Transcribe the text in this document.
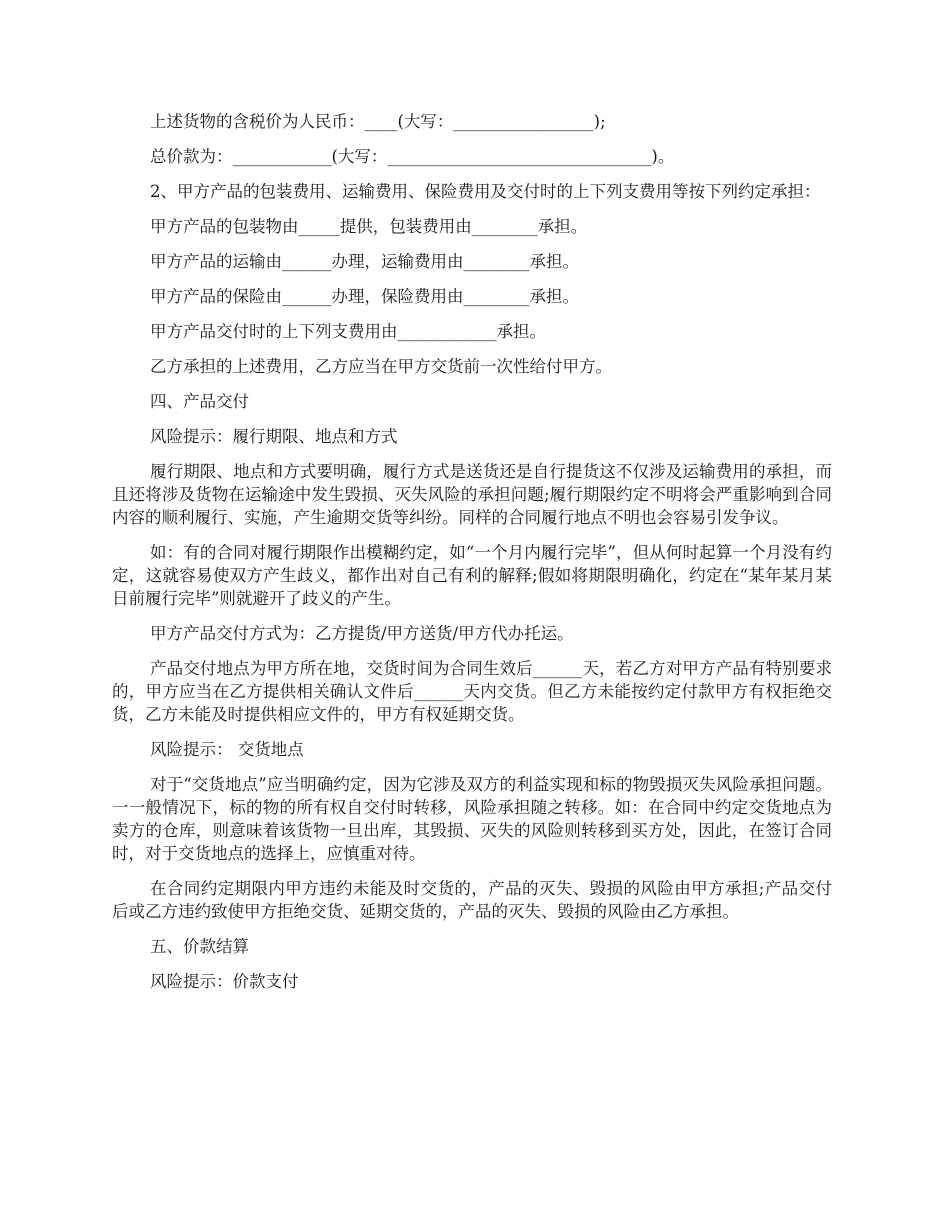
上述货物的含税价为人民币：____(大写：_________________);

总价款为：____________(大写：________________________________)。

2、甲方产品的包装费用、运输费用、保险费用及交付时的上下列支费用等按下列约定承担：

甲方产品的包装物由_____提供，包装费用由________承担。

甲方产品的运输由______办理，运输费用由________承担。

甲方产品的保险由______办理，保险费用由________承担。

甲方产品交付时的上下列支费用由____________承担。

乙方承担的上述费用，乙方应当在甲方交货前一次性给付甲方。

四、产品交付

风险提示：履行期限、地点和方式

履行期限、地点和方式要明确，履行方式是送货还是自行提货这不仅涉及运输费用的承担，而且还将涉及货物在运输途中发生毁损、灭失风险的承担问题;履行期限约定不明将会严重影响到合同内容的顺利履行、实施，产生逾期交货等纠纷。同样的合同履行地点不明也会容易引发争议。

如：有的合同对履行期限作出模糊约定，如“一个月内履行完毕”，但从何时起算一个月没有约定，这就容易使双方产生歧义，都作出对自己有利的解释;假如将期限明确化，约定在“某年某月某日前履行完毕”则就避开了歧义的产生。

甲方产品交付方式为：乙方提货/甲方送货/甲方代办托运。

产品交付地点为甲方所在地，交货时间为合同生效后______天，若乙方对甲方产品有特别要求的，甲方应当在乙方提供相关确认文件后______天内交货。但乙方未能按约定付款甲方有权拒绝交货，乙方未能及时提供相应文件的，甲方有权延期交货。

风险提示： 交货地点

对于“交货地点”应当明确约定，因为它涉及双方的利益实现和标的物毁损灭失风险承担问题。一一般情况下，标的物的所有权自交付时转移，风险承担随之转移。如：在合同中约定交货地点为卖方的仓库，则意味着该货物一旦出库，其毁损、灭失的风险则转移到买方处，因此，在签订合同时，对于交货地点的选择上，应慎重对待。

在合同约定期限内甲方违约未能及时交货的，产品的灭失、毁损的风险由甲方承担;产品交付后或乙方违约致使甲方拒绝交货、延期交货的，产品的灭失、毁损的风险由乙方承担。

五、价款结算

风险提示：价款支付
